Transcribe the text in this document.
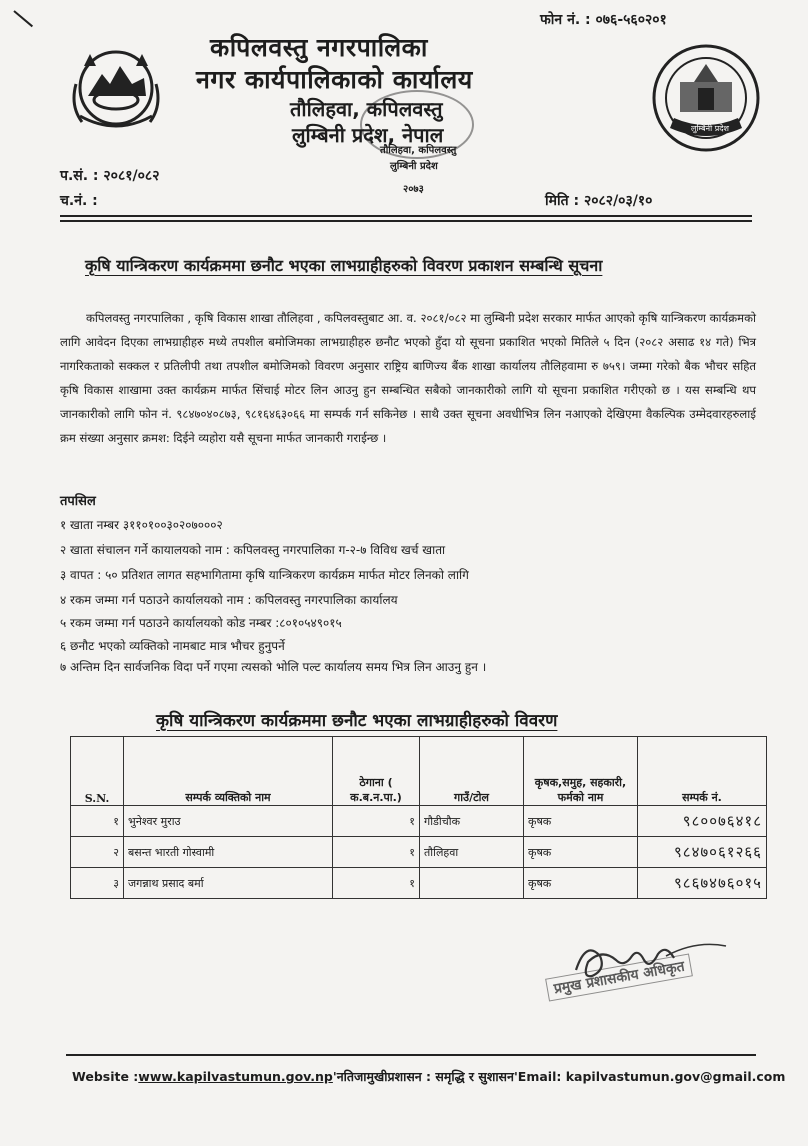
फोन नं. : ०७६-५६०२०१
कपिलवस्तु नगरपालिका
नगर कार्यपालिकाको कार्यालय
तौलिहवा, कपिलवस्तु
लुम्बिनी प्रदेश, नेपाल
तौलिहवा, कपिलवस्तु
लुम्बिनी प्रदेश
२०७३
लुम्बिनी प्रदेश
प.सं. : २०८१/०८२
च.नं. :	मिति : २०८२/०३/१०
कृषि यान्त्रिकरण कार्यक्रममा छनौट भएका लाभग्राहीहरुको विवरण प्रकाशन सम्बन्धि सूचना
कपिलवस्तु नगरपालिका , कृषि विकास शाखा तौलिहवा , कपिलवस्तुबाट आ. व. २०८१/०८२ मा लुम्बिनी प्रदेश सरकार मार्फत आएको कृषि यान्त्रिकरण कार्यक्रमको लागि आवेदन दिएका लाभग्राहीहरु मध्ये तपशील बमोजिमका लाभग्राहीहरु छनौट भएको हुँदा यो सूचना प्रकाशित भएको मितिले ५ दिन (२०८२ असाढ १४ गते) भित्र नागरिकताको सक्कल र प्रतिलीपी तथा तपशील बमोजिमको विवरण अनुसार राष्ट्रिय बाणिज्य बैंक शाखा कार्यालय तौलिहवामा रु ७५९। जम्मा गरेको बैक भौचर सहित कृषि विकास शाखामा उक्त कार्यक्रम मार्फत सिंचाई मोटर लिन आउनु हुन सम्बन्धित सबैको जानकारीको लागि यो सूचना प्रकाशित गरीएको छ । यस सम्बन्धि थप जानकारीको लागि फोन नं. ९८४७०४०८७३, ९८१६४६३०६६ मा सम्पर्क गर्न सकिनेछ । साथै उक्त सूचना अवधीभित्र लिन नआएको देखिएमा वैकल्पिक उम्मेदवारहरुलाई क्रम संख्या अनुसार क्रमश: दिईने व्यहोरा यसै सूचना मार्फत जानकारी गराईन्छ ।
तपसिल
१ खाता नम्बर ३११०१००३०२०७०००२
२ खाता संचालन गर्ने कायालयको नाम : कपिलवस्तु नगरपालिका ग-२-७ विविध खर्च खाता
३ वापत : ५० प्रतिशत लागत सहभागितामा कृषि यान्त्रिकरण कार्यक्रम मार्फत मोटर लिनको लागि
४ रकम जम्मा गर्न पठाउने कार्यालयको नाम : कपिलवस्तु नगरपालिका कार्यालय
५ रकम जम्मा गर्न पठाउने कार्यालयको कोड नम्बर :८०१०५४९०१५
६ छनौट भएको व्यक्तिको नामबाट मात्र भौचर हुनुपर्ने
७ अन्तिम दिन सार्वजनिक विदा पर्ने गएमा त्यसको भोलि पल्ट कार्यालय समय भित्र लिन आउनु हुन ।
कृषि यान्त्रिकरण कार्यक्रममा छनौट भएका लाभग्राहीहरुको विवरण
S.N.	सम्पर्क व्यक्तिको नाम	ठेगाना ( क.ब.न.पा.)	गाउँ/टोल	कृषक,समुह, सहकारी, फर्मको नाम	सम्पर्क नं.
१	भुनेश्वर मुराउ	१	गौडीचौक	कृषक	९८००७६४१८
२	बसन्त भारती गोस्वामी	१	तौलिहवा	कृषक	९८४७०६१२६६
३	जगन्नाथ प्रसाद बर्मा	१		कृषक	९८६७४७६०१५
प्रमुख प्रशासकीय अधिकृत
Website :www.kapilvastumun.gov.np'नतिजामुखीप्रशासन : समृद्धि र सुशासन'Email: kapilvastumun.gov@gmail.com
